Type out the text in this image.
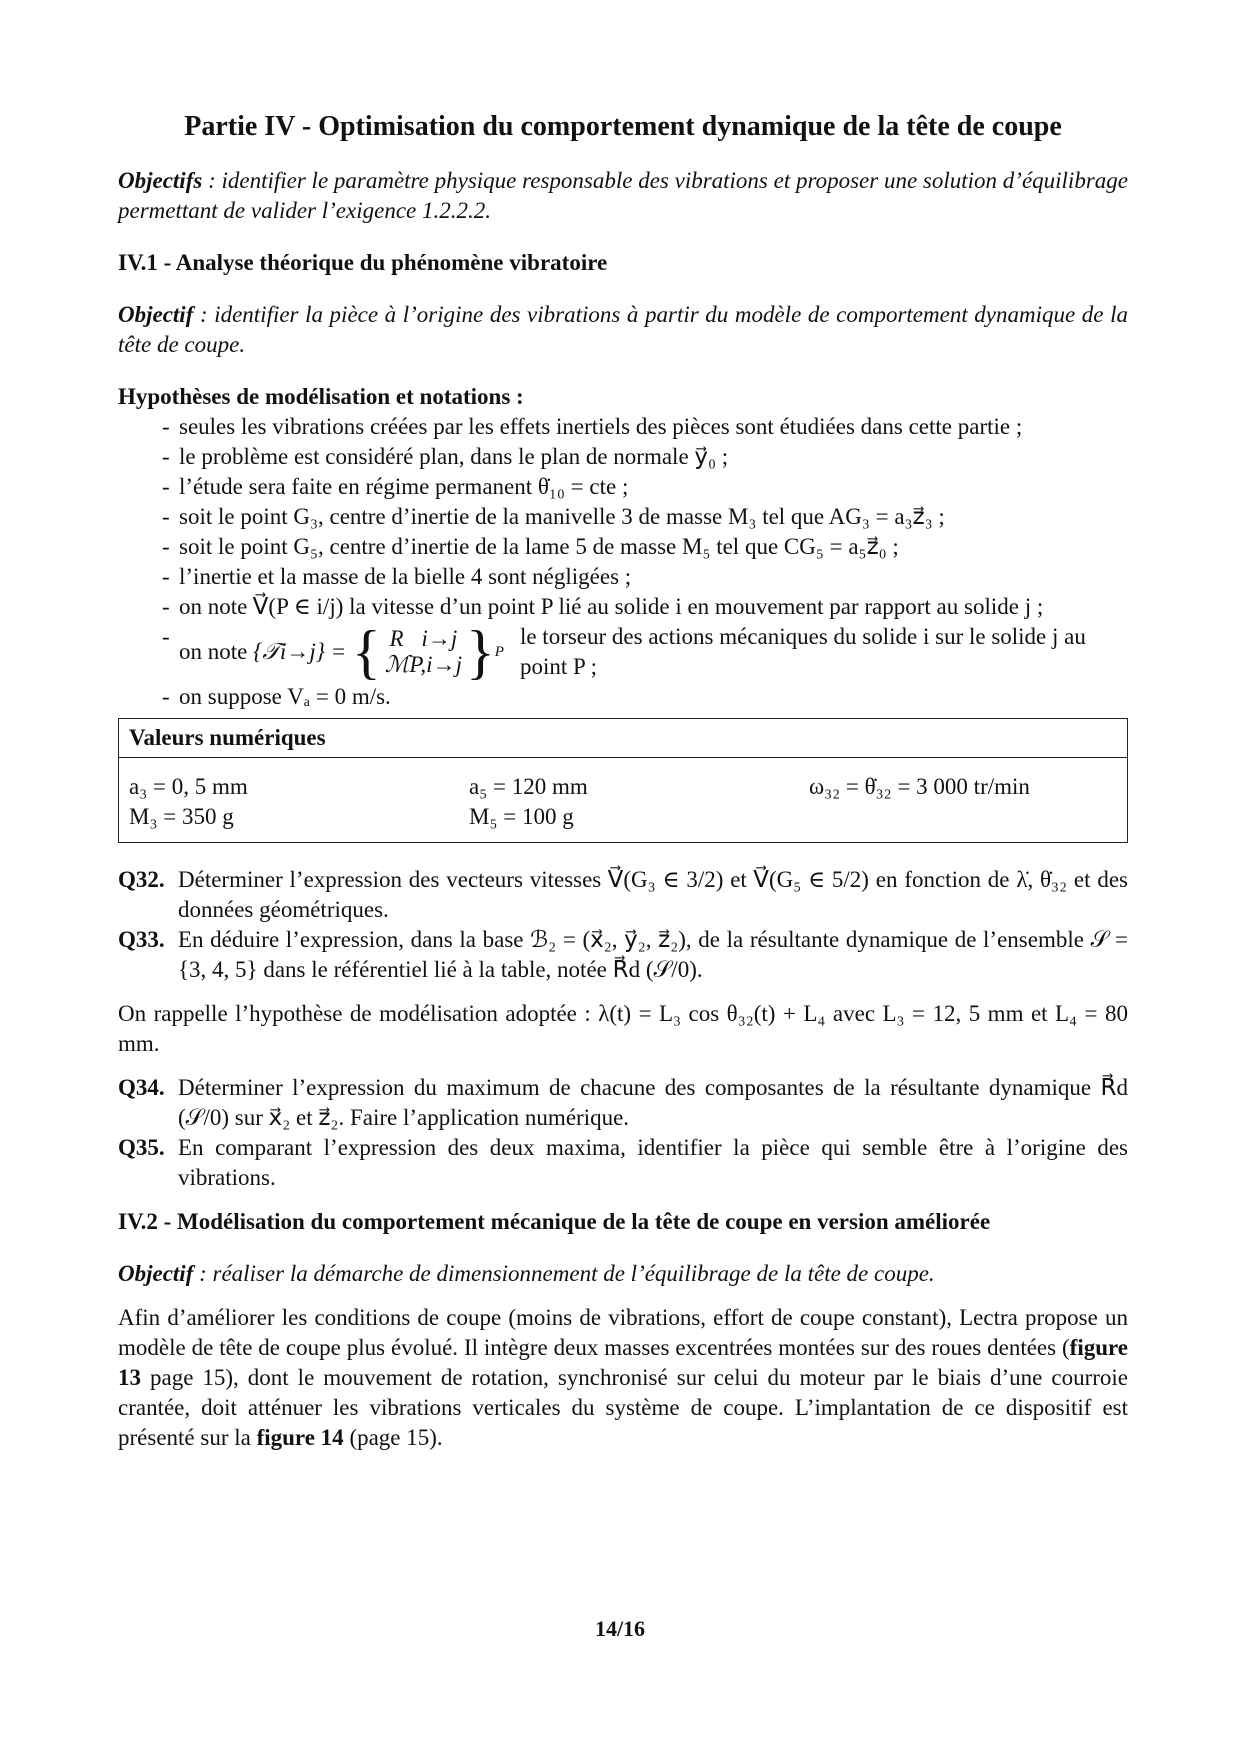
Partie IV - Optimisation du comportement dynamique de la tête de coupe

Objectifs : identifier le paramètre physique responsable des vibrations et proposer une solution d’équilibrage permettant de valider l’exigence 1.2.2.2.

IV.1 - Analyse théorique du phénomène vibratoire

Objectif : identifier la pièce à l’origine des vibrations à partir du modèle de comportement dynamique de la tête de coupe.

Hypothèses de modélisation et notations :

- seules les vibrations créées par les effets inertiels des pièces sont étudiées dans cette partie ;
- le problème est considéré plan, dans le plan de normale y⃗₀ ;
- l’étude sera faite en régime permanent θ̇₁₀ = cte ;
- soit le point G₃, centre d’inertie de la manivelle 3 de masse M₃ tel que AG₃ = a₃z⃗₃ ;
- soit le point G₅, centre d’inertie de la lame 5 de masse M₅ tel que CG₅ = a₅z⃗₀ ;
- l’inertie et la masse de la bielle 4 sont négligées ;
- on note V⃗(P ∈ i/j) la vitesse d’un point P lié au solide i en mouvement par rapport au solide j ;
- on note
{𝒯i→j} =
{ R⃗i→j
ℳP,i→j } P
le torseur des actions mécaniques du solide i sur le solide j au point P ;
- on suppose Vₐ = 0 m/s.
Valeurs numériques
a₃ = 0, 5 mm	a₅ = 120 mm	ω₃₂ = θ̇₃₂ = 3 000 tr/min
M₃ = 350 g	M₅ = 100 g
Q32. Déterminer l’expression des vecteurs vitesses V⃗(G₃ ∈ 3/2) et V⃗(G₅ ∈ 5/2) en fonction de λ̇, θ̇₃₂ et des données géométriques.
Q33. En déduire l’expression, dans la base ℬ₂ = (x⃗₂, y⃗₂, z⃗₂), de la résultante dynamique de l’ensemble 𝒮 = {3, 4, 5} dans le référentiel lié à la table, notée R⃗d (𝒮/0).

On rappelle l’hypothèse de modélisation adoptée : λ(t) = L₃ cos θ₃₂(t) + L₄ avec L₃ = 12, 5 mm et L₄ = 80 mm.

Q34. Déterminer l’expression du maximum de chacune des composantes de la résultante dynamique R⃗d (𝒮/0) sur x⃗₂ et z⃗₂. Faire l’application numérique.
Q35. En comparant l’expression des deux maxima, identifier la pièce qui semble être à l’origine des vibrations.

IV.2 - Modélisation du comportement mécanique de la tête de coupe en version améliorée

Objectif : réaliser la démarche de dimensionnement de l’équilibrage de la tête de coupe.

Afin d’améliorer les conditions de coupe (moins de vibrations, effort de coupe constant), Lectra propose un modèle de tête de coupe plus évolué. Il intègre deux masses excentrées montées sur des roues dentées (figure 13 page 15), dont le mouvement de rotation, synchronisé sur celui du moteur par le biais d’une courroie crantée, doit atténuer les vibrations verticales du système de coupe. L’implantation de ce dispositif est présenté sur la figure 14 (page 15).

14/16
